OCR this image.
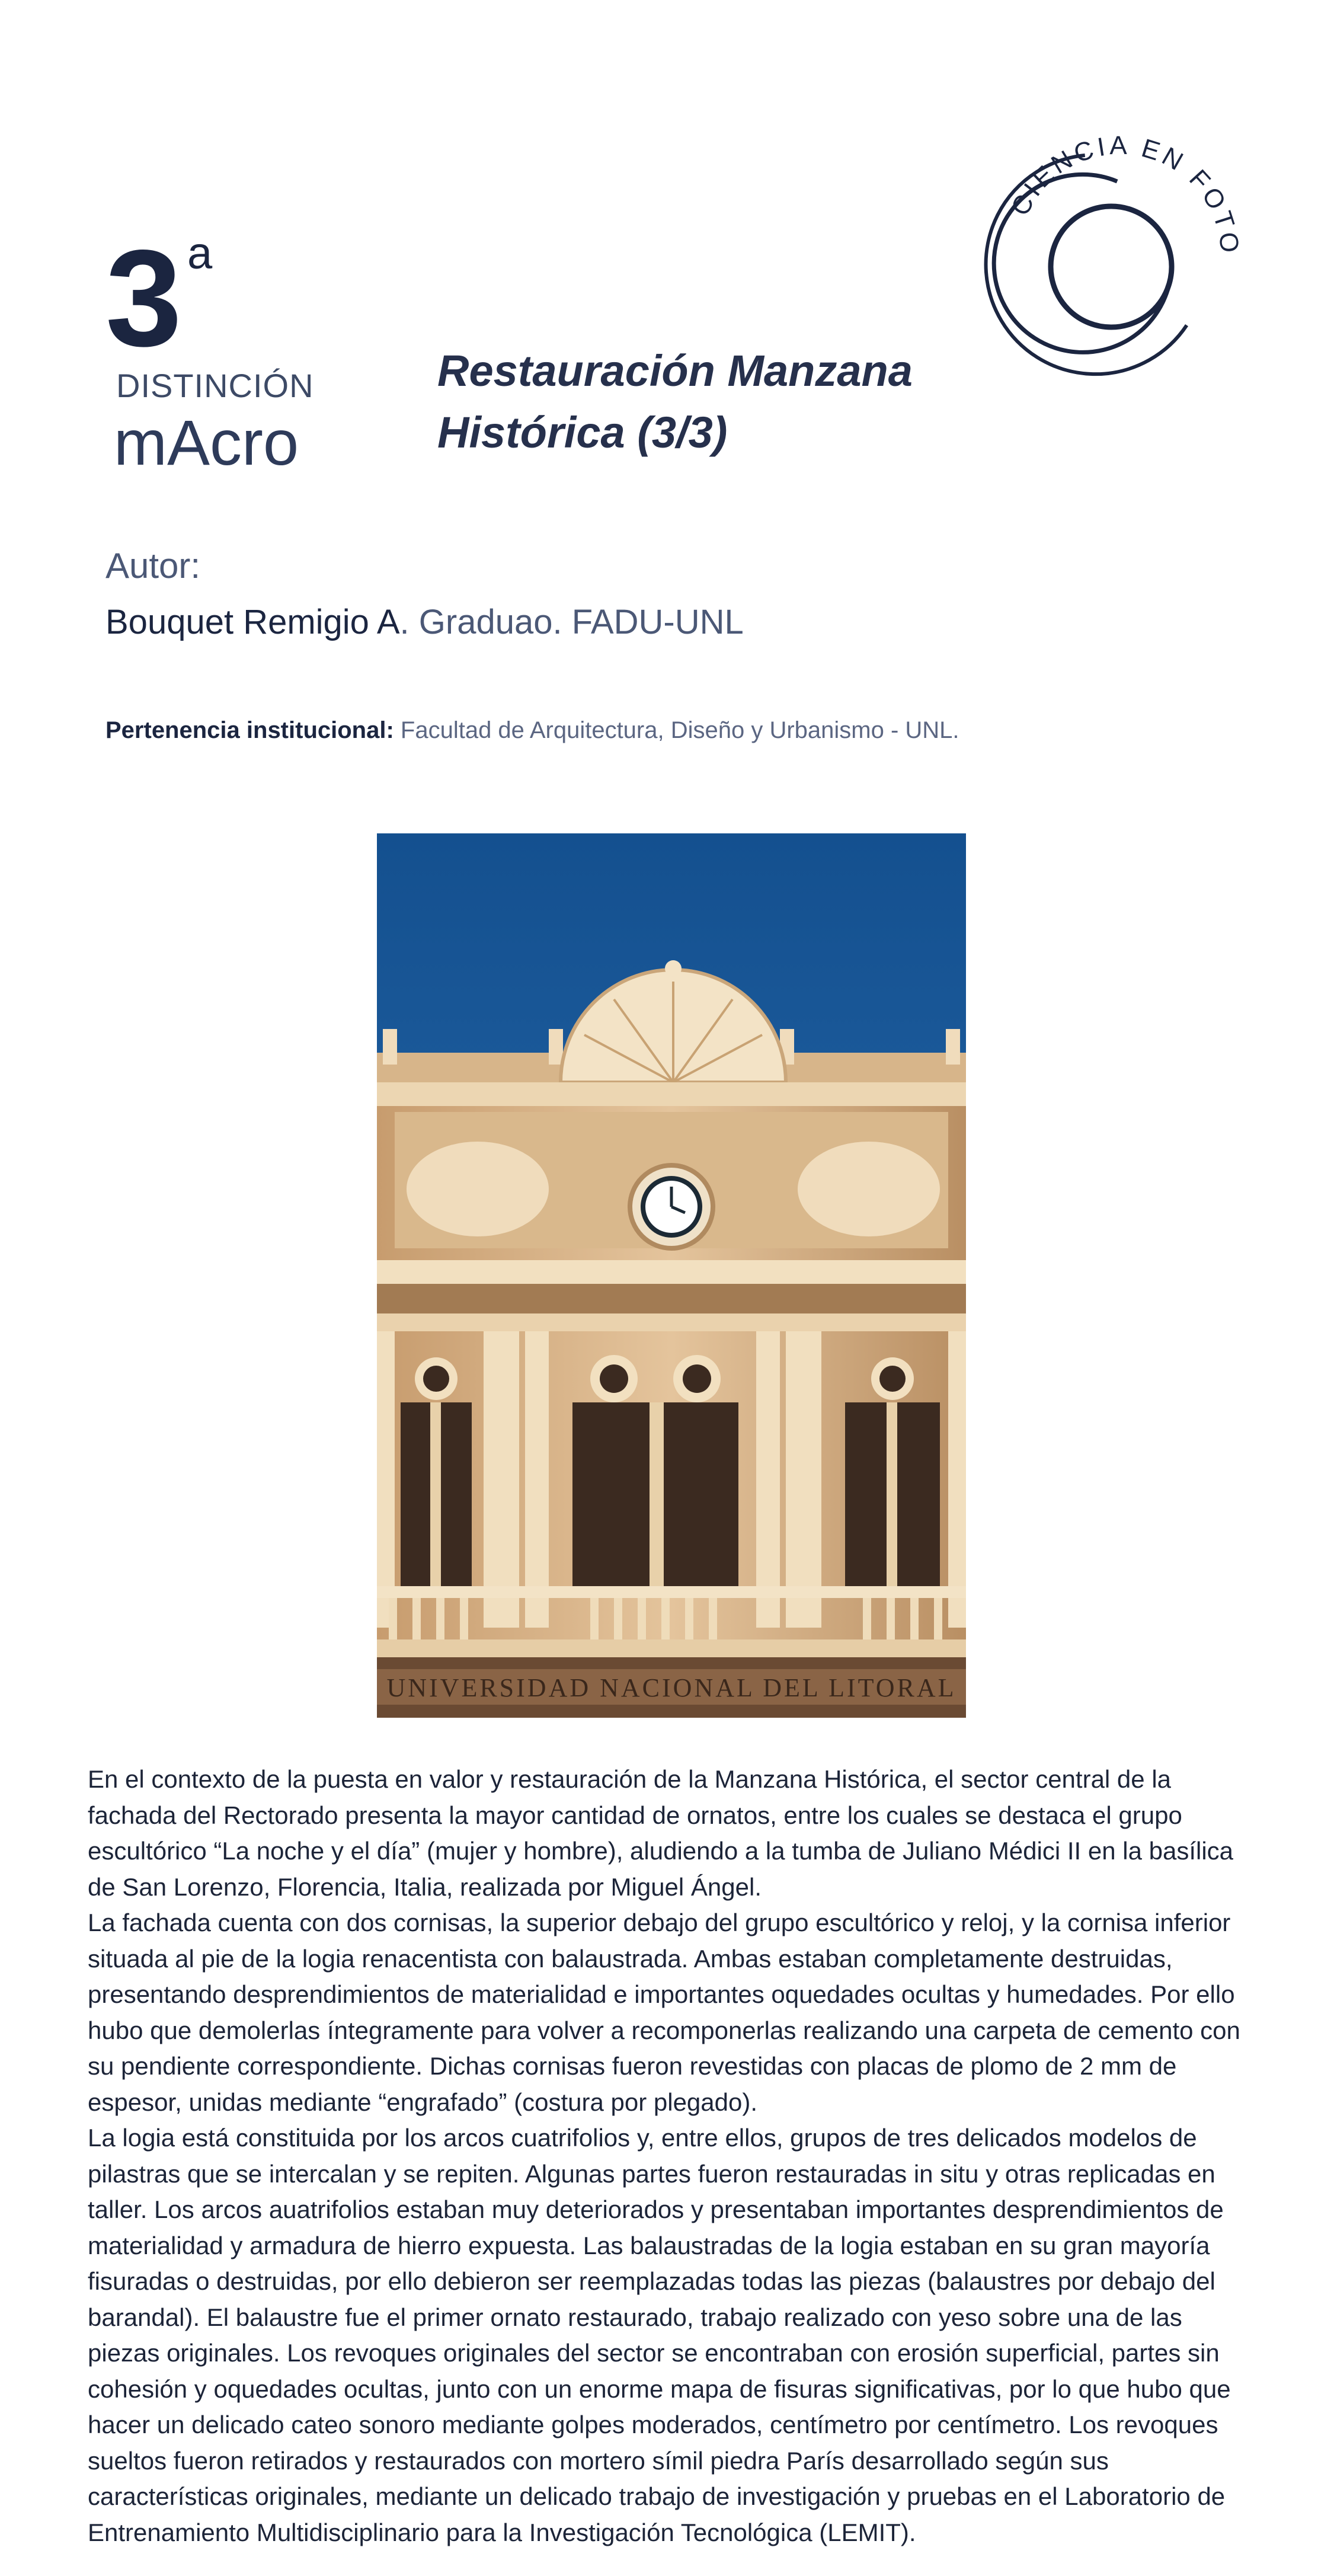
3 a
DISTINCIÓN
mAcro
Restauración Manzana
Histórica (3/3)
CIENCIA EN FOTO
Autor:
Bouquet Remigio A. Graduao. FADU-UNL
Pertenencia institucional: Facultad de Arquitectura, Diseño y Urbanismo - UNL.
UNIVERSIDAD NACIONAL DEL LITORAL

En el contexto de la puesta en valor y restauración de la Manzana Histórica, el sector central de la fachada del Rectorado presenta la mayor cantidad de ornatos, entre los cuales se destaca el grupo escultórico “La noche y el día” (mujer y hombre), aludiendo a la tumba de Juliano Médici II en la basílica de San Lorenzo, Florencia, Italia, realizada por Miguel Ángel.

La fachada cuenta con dos cornisas, la superior debajo del grupo escultórico y reloj, y la cornisa inferior situada al pie de la logia renacentista con balaustrada. Ambas estaban completamente destruidas, presentando desprendimientos de materialidad e importantes oquedades ocultas y humedades. Por ello hubo que demolerlas íntegramente para volver a recomponerlas realizando una carpeta de cemento con su pendiente correspondiente. Dichas cornisas fueron revestidas con placas de plomo de 2 mm de espesor, unidas mediante “engrafado” (costura por plegado).

La logia está constituida por los arcos cuatrifolios y, entre ellos, grupos de tres delicados modelos de pilastras que se intercalan y se repiten. Algunas partes fueron restauradas in situ y otras replicadas en taller. Los arcos auatrifolios estaban muy deteriorados y presentaban importantes desprendimientos de materialidad y armadura de hierro expuesta. Las balaustradas de la logia estaban en su gran mayoría fisuradas o destruidas, por ello debieron ser reemplazadas todas las piezas (balaustres por debajo del barandal). El balaustre fue el primer ornato restaurado, trabajo realizado con yeso sobre una de las piezas originales. Los revoques originales del sector se encontraban con erosión superficial, partes sin cohesión y oquedades ocultas, junto con un enorme mapa de fisuras significativas, por lo que hubo que hacer un delicado cateo sonoro mediante golpes moderados, centímetro por centímetro. Los revoques sueltos fueron retirados y restaurados con mortero símil piedra París desarrollado según sus características originales, mediante un delicado trabajo de investigación y pruebas en el Laboratorio de Entrenamiento Multidisciplinario para la Investigación Tecnológica (LEMIT).
